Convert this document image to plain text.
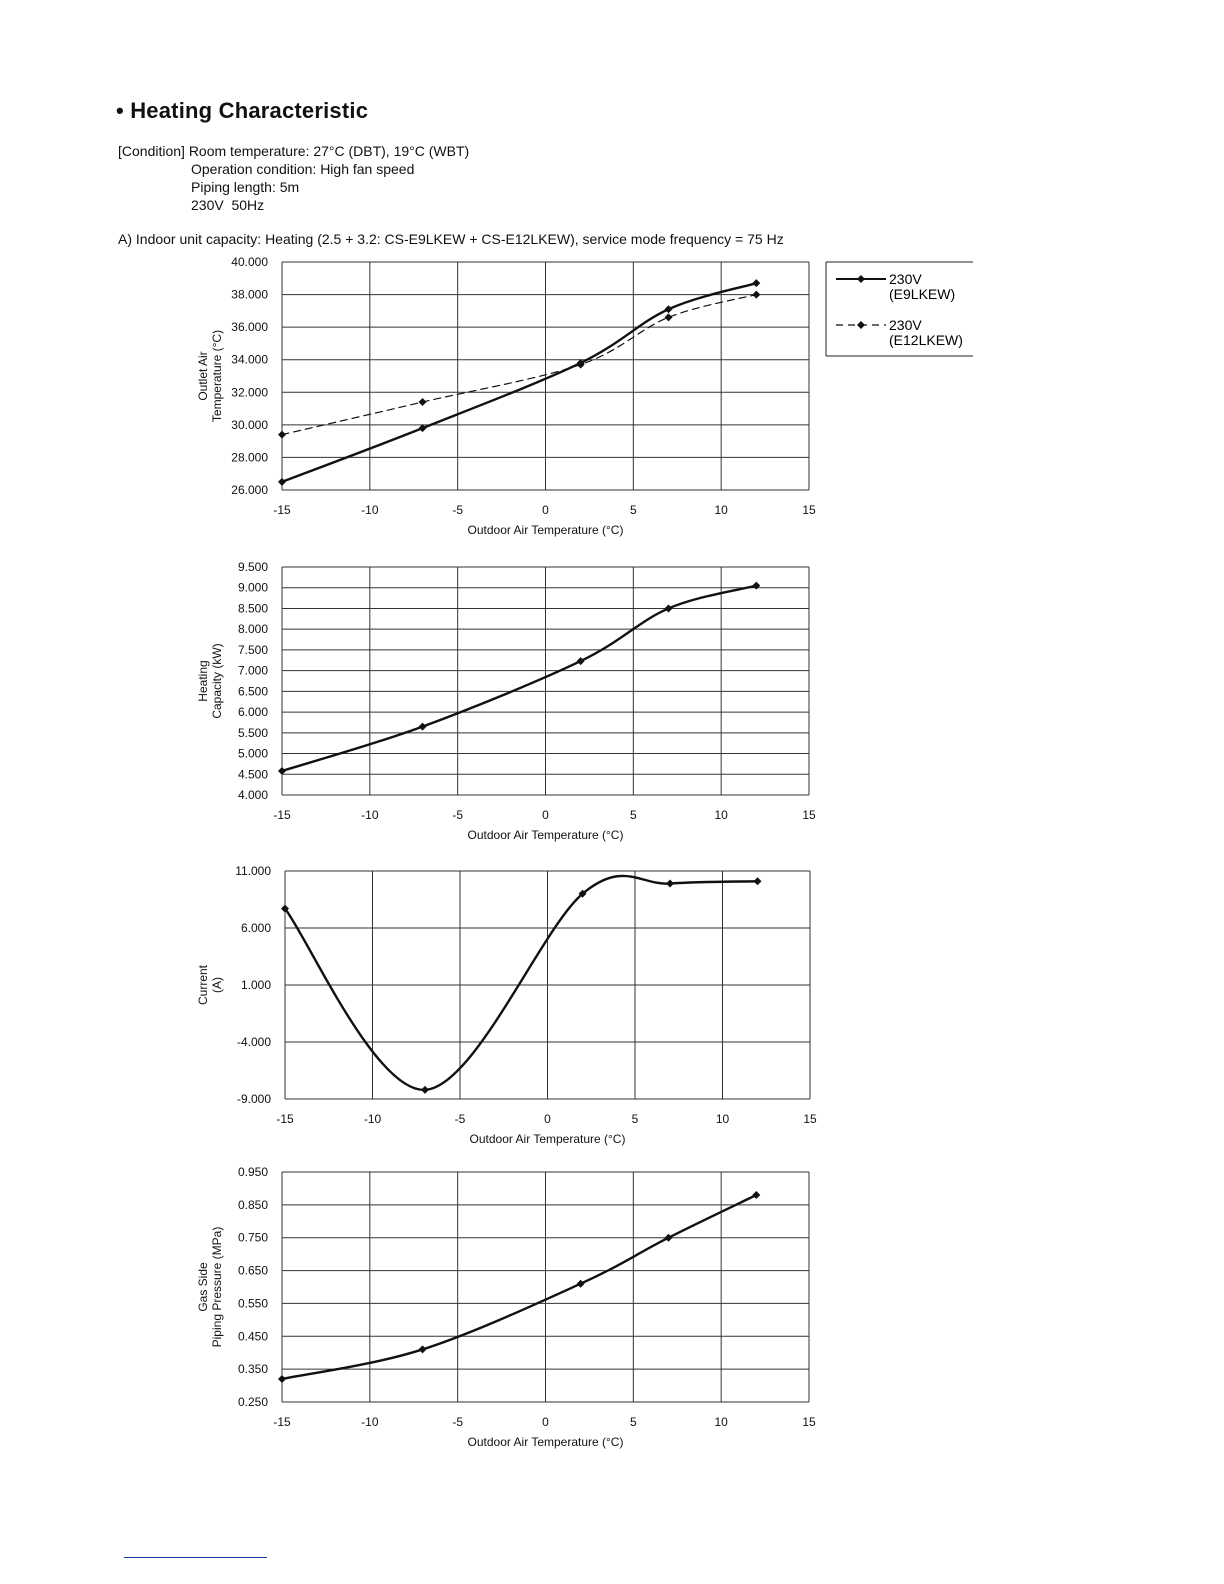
• Heating Characteristic
[Condition] Room temperature: 27°C (DBT), 19°C (WBT)
Operation condition: High fan speed
Piping length: 5m
230V  50Hz
A) Indoor unit capacity: Heating (2.5 + 3.2: CS-E9LKEW + CS-E12LKEW), service mode frequency = 75 Hz
230V
(E9LKEW)
230V
(E12LKEW)
-15	-10	-5	0	5	10	15
26.000
28.000
30.000
32.000
34.000
36.000
38.000
40.000
Outdoor Air Temperature (°C)
Outlet AirTemperature (°C)
-15	-10	-5	0	5	10	15
4.000
4.500
5.000
5.500
6.000
6.500
7.000
7.500
8.000
8.500
9.000
9.500
Outdoor Air Temperature (°C)
HeatingCapacity (kW)
-15	-10	-5	0	5	10	15
-9.000
-4.000
1.000
6.000
11.000
Outdoor Air Temperature (°C)
Current(A)
-15	-10	-5	0	5	10	15
0.250
0.350
0.450
0.550
0.650
0.750
0.850
0.950
Outdoor Air Temperature (°C)
Gas SidePiping Pressure (MPa)
